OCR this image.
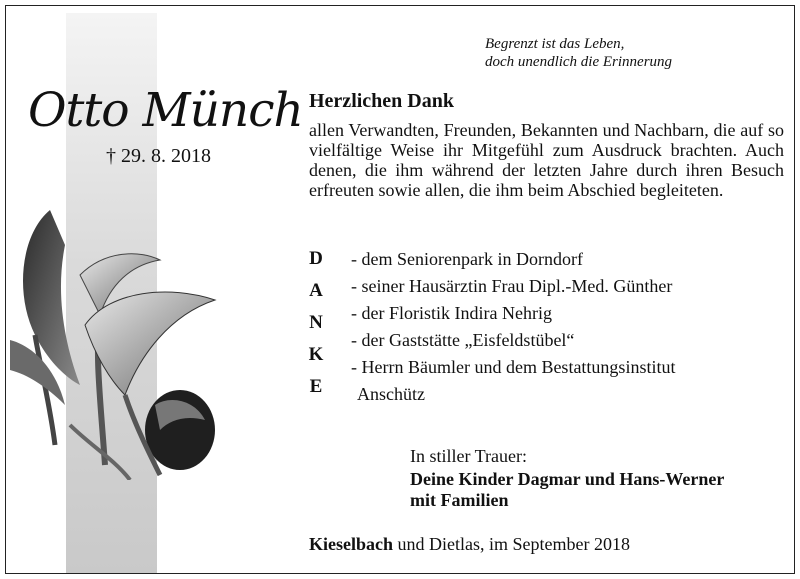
Begrenzt ist das Leben,
doch unendlich die Erinnerung
Otto Münch
† 29. 8. 2018
Herzlichen Dank
allen Verwandten, Freunden, Bekannten und Nachbarn, die auf so vielfältige Weise ihr Mitgefühl zum Ausdruck brachten. Auch denen, die ihm während der letzten Jahre durch ihren Besuch erfreuten sowie allen, die ihm beim Abschied begleiteten.
D
A
N
K
E
- dem Seniorenpark in Dorndorf
- seiner Hausärztin Frau Dipl.-Med. Günther
- der Floristik Indira Nehrig
- der Gaststätte „Eisfeldstübel“
- Herrn Bäumler und dem Bestattungsinstitut
Anschütz
In stiller Trauer:
Deine Kinder Dagmar und Hans-Werner
mit Familien
Kieselbach und Dietlas, im September 2018
